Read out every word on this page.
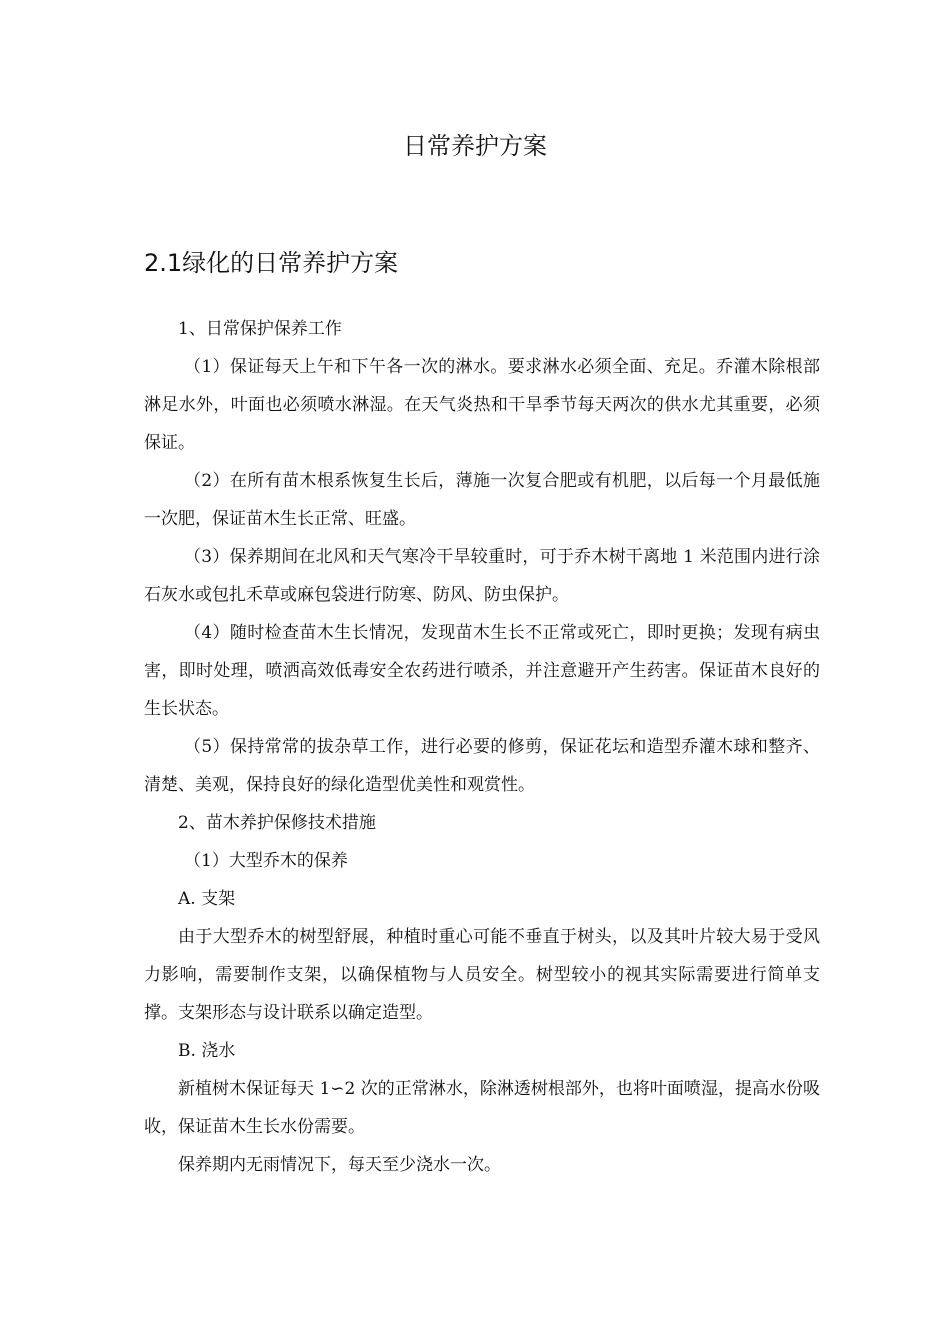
日常养护方案
2.1绿化的日常养护方案

1、日常保护保养工作

（1）保证每天上午和下午各一次的淋水。要求淋水必须全面、充足。乔灌木除根部淋足水外，叶面也必须喷水淋湿。在天气炎热和干旱季节每天两次的供水尤其重要，必须保证。

（2）在所有苗木根系恢复生长后，薄施一次复合肥或有机肥，以后每一个月最低施一次肥，保证苗木生长正常、旺盛。

（3）保养期间在北风和天气寒冷干旱较重时，可于乔木树干离地 1 米范围内进行涂石灰水或包扎禾草或麻包袋进行防寒、防风、防虫保护。

（4）随时检查苗木生长情况，发现苗木生长不正常或死亡，即时更换；发现有病虫害，即时处理，喷洒高效低毒安全农药进行喷杀，并注意避开产生药害。保证苗木良好的生长状态。

（5）保持常常的拔杂草工作，进行必要的修剪，保证花坛和造型乔灌木球和整齐、清楚、美观，保持良好的绿化造型优美性和观赏性。

2、苗木养护保修技术措施

（1）大型乔木的保养

A. 支架

由于大型乔木的树型舒展，种植时重心可能不垂直于树头，以及其叶片较大易于受风力影响，需要制作支架，以确保植物与人员安全。树型较小的视其实际需要进行简单支撑。支架形态与设计联系以确定造型。

B. 浇水

新植树木保证每天 1∽2 次的正常淋水，除淋透树根部外，也将叶面喷湿，提高水份吸收，保证苗木生长水份需要。

保养期内无雨情况下，每天至少浇水一次。
